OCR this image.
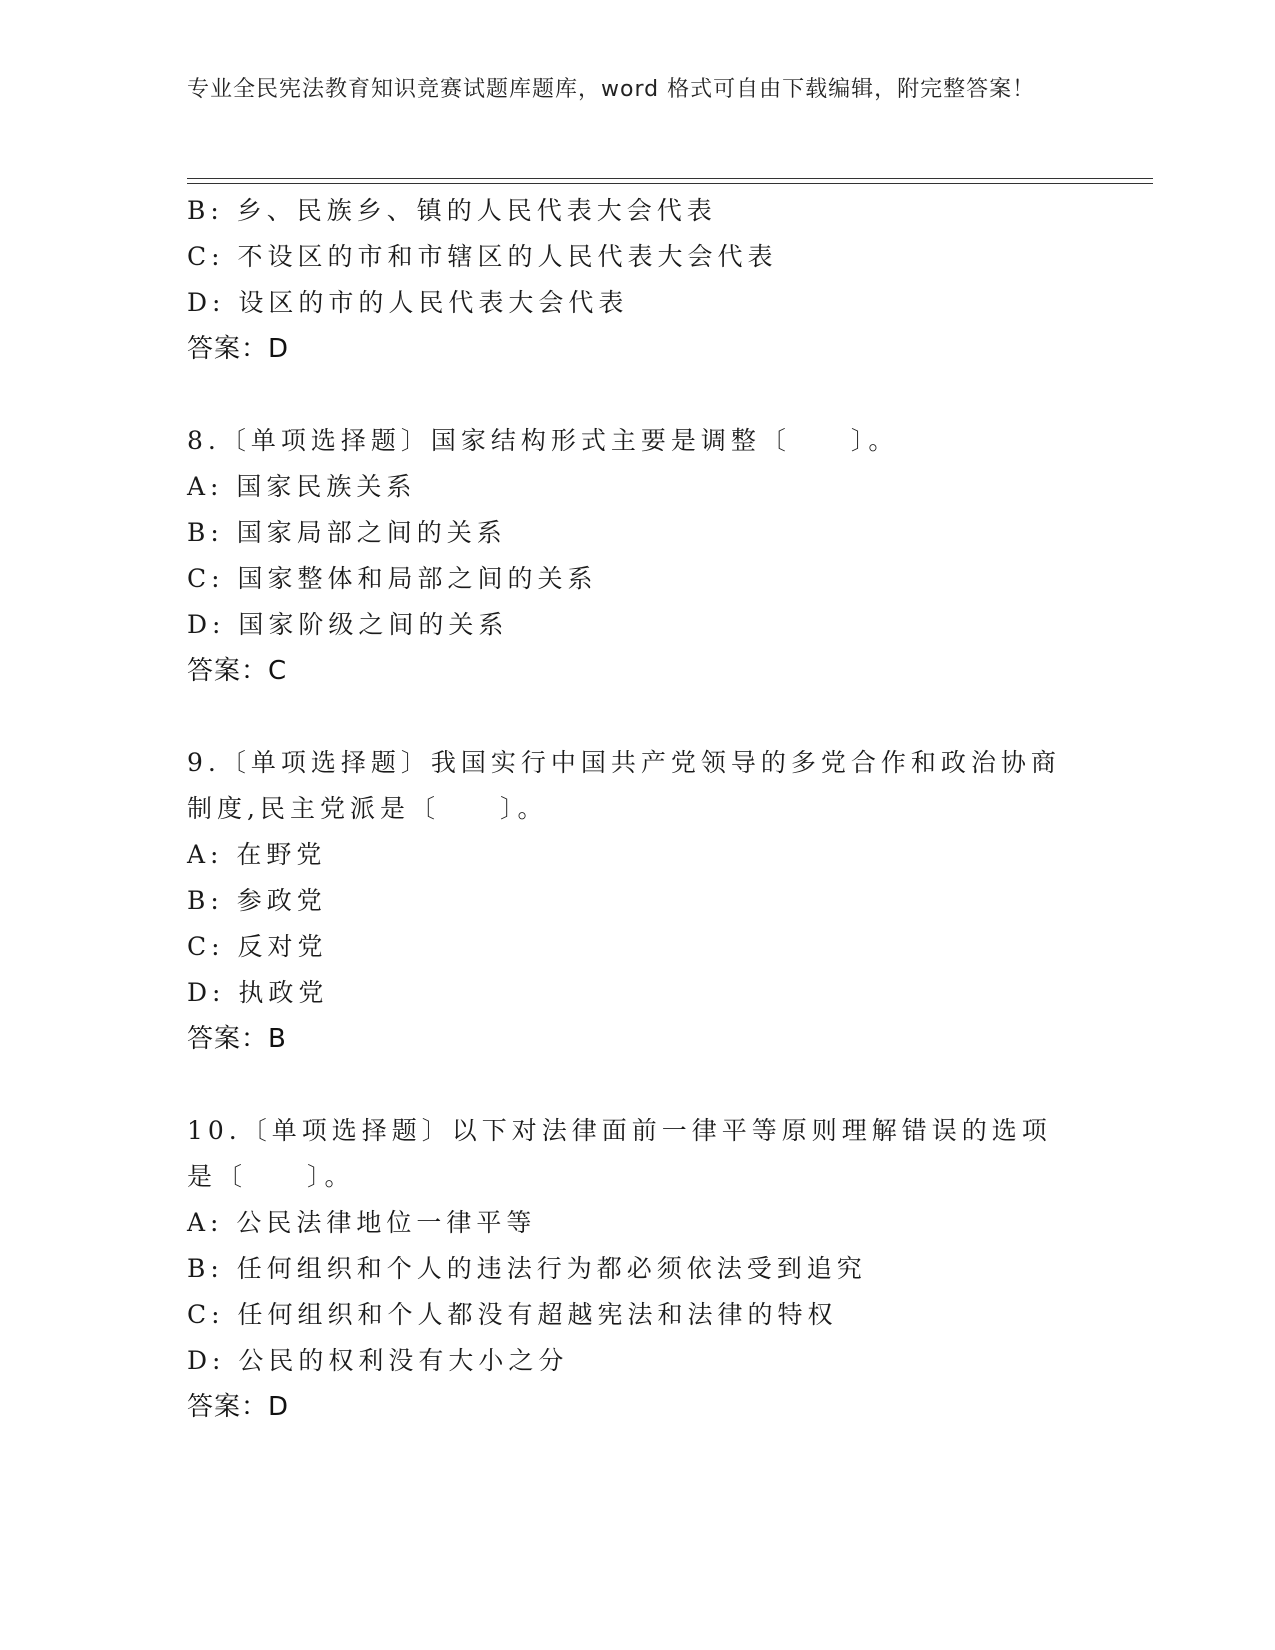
专业全民宪法教育知识竞赛试题库题库，word 格式可自由下载编辑，附完整答案！
B: 乡、民族乡、镇的人民代表大会代表
C: 不设区的市和市辖区的人民代表大会代表
D: 设区的市的人民代表大会代表
答案：D
8.〔单项选择题〕国家结构形式主要是调整〔　　〕。
A: 国家民族关系
B: 国家局部之间的关系
C: 国家整体和局部之间的关系
D: 国家阶级之间的关系
答案：C
9.〔单项选择题〕我国实行中国共产党领导的多党合作和政治协商制度,民主党派是〔　　〕。
A: 在野党
B: 参政党
C: 反对党
D: 执政党
答案：B
10.〔单项选择题〕以下对法律面前一律平等原则理解错误的选项是〔　　〕。
A: 公民法律地位一律平等
B: 任何组织和个人的违法行为都必须依法受到追究
C: 任何组织和个人都没有超越宪法和法律的特权
D: 公民的权利没有大小之分
答案：D
